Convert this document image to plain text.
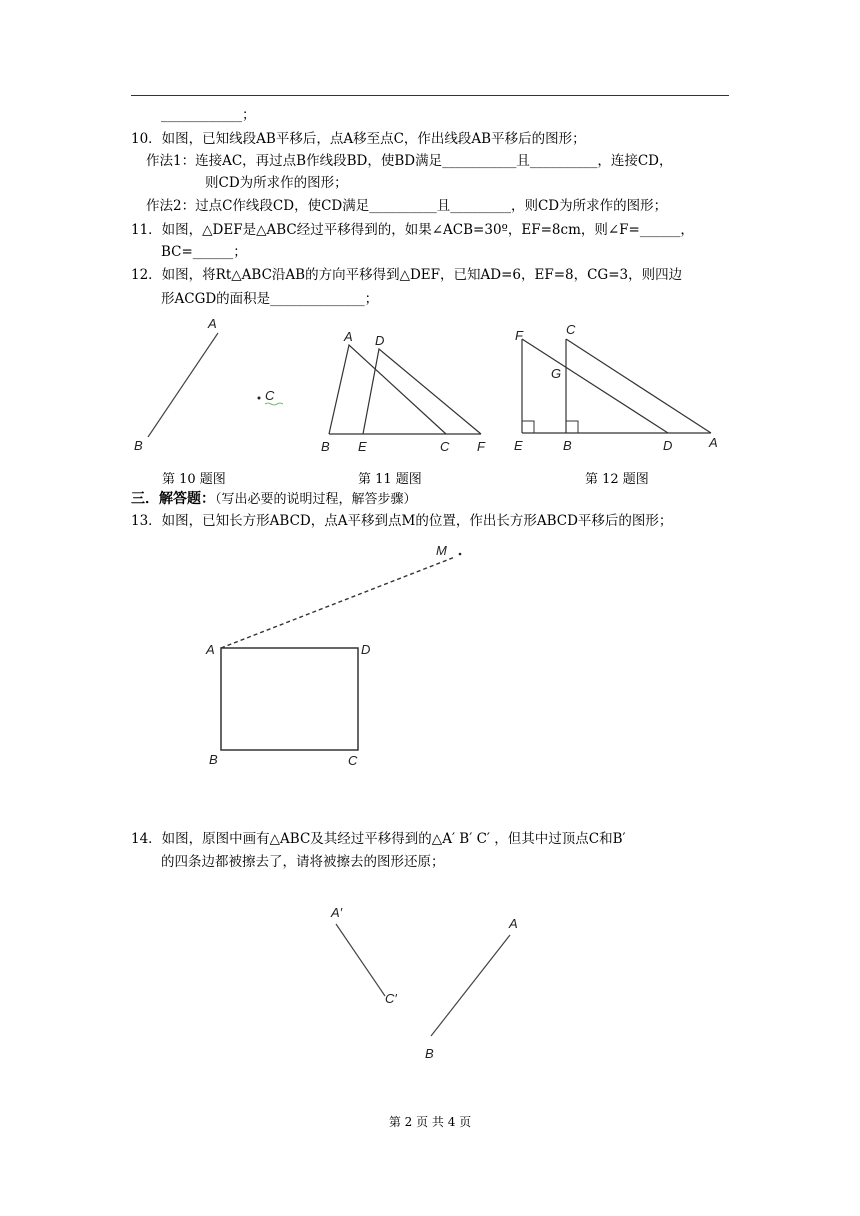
____________；
10．如图，已知线段AB平移后，点A移至点C，作出线段AB平移后的图形；
作法1：连接AC，再过点B作线段BD，使BD满足___________且__________，连接CD，
则CD为所求作的图形；
作法2：过点C作线段CD，使CD满足__________且_________，则CD为所求作的图形；
11．如图，△DEF是△ABC经过平移得到的，如果∠ACB=30º，EF=8cm，则∠F=______，
BC=______；
12．如图，将Rt△ABC沿AB的方向平移得到△DEF，已知AD=6，EF=8，CG=3，则四边
形ACGD的面积是______________；
A
B
C
A D
B E	C F
F	C
G
E	B	D	A
第 10 题图	第 11 题图	第 12 题图
三．解答题：（写出必要的说明过程，解答步骤）
13．如图，已知长方形ABCD，点A平移到点M的位置，作出长方形ABCD平移后的图形；
M
A	D
B	C
14．如图，原图中画有△ABC及其经过平移得到的△A′ B′ C′ ，但其中过顶点C和B′
的四条边都被擦去了，请将被擦去的图形还原；
A′
C′
A
B
第 2 页 共 4 页
